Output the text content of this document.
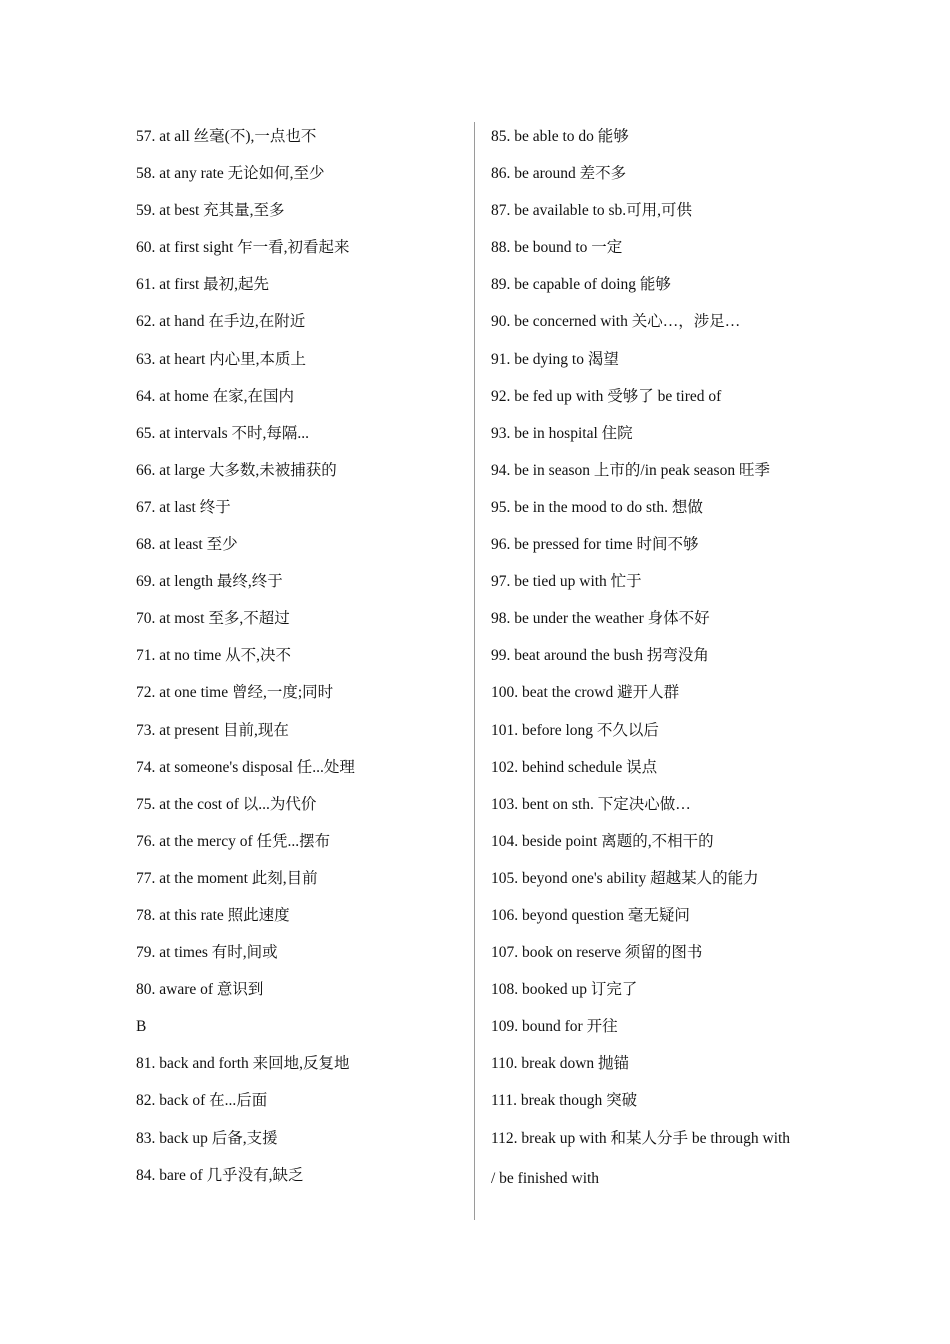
57. at all 丝毫(不),一点也不
58. at any rate 无论如何,至少
59. at best 充其量,至多
60. at first sight 乍一看,初看起来
61. at first 最初,起先
62. at hand 在手边,在附近
63. at heart 内心里,本质上
64. at home 在家,在国内
65. at intervals 不时,每隔...
66. at large 大多数,未被捕获的
67. at last 终于
68. at least 至少
69. at length 最终,终于
70. at most 至多,不超过
71. at no time 从不,决不
72. at one time 曾经,一度;同时
73. at present 目前,现在
74. at someone's disposal 任...处理
75. at the cost of 以...为代价
76. at the mercy of 任凭...摆布
77. at the moment 此刻,目前
78. at this rate 照此速度
79. at times 有时,间或
80. aware of 意识到
B
81. back and forth 来回地,反复地
82. back of 在...后面
83. back up 后备,支援
84. bare of 几乎没有,缺乏
85. be able to do 能够
86. be around 差不多
87. be available to sb.可用,可供
88. be bound to 一定
89. be capable of doing 能够
90. be concerned with 关心…，涉足…
91. be dying to 渴望
92. be fed up with 受够了 be tired of
93. be in hospital 住院
94. be in season 上市的/in peak season 旺季
95. be in the mood to do sth. 想做
96. be pressed for time 时间不够
97. be tied up with 忙于
98. be under the weather 身体不好
99. beat around the bush 拐弯没角
100. beat the crowd 避开人群
101. before long 不久以后
102. behind schedule 误点
103. bent on sth. 下定决心做…
104. beside point 离题的,不相干的
105. beyond one's ability 超越某人的能力
106. beyond question 毫无疑问
107. book on reserve 须留的图书
108. booked up 订完了
109. bound for 开往
110. break down 抛锚
111. break though 突破
112. break up with 和某人分手 be through with
/ be finished with
